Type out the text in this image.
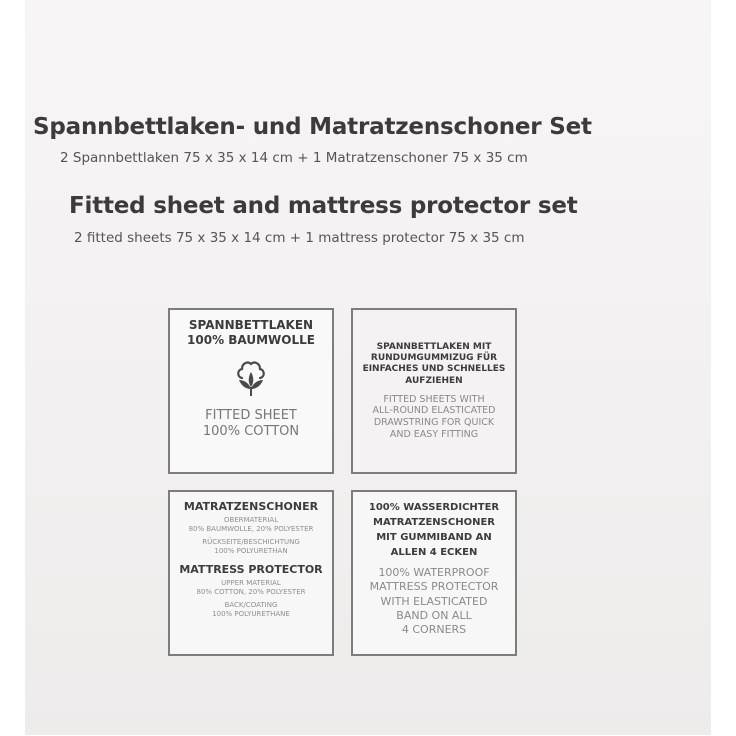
Spannbettlaken- und Matratzenschoner Set

2 Spannbettlaken 75 x 35 x 14 cm + 1 Matratzenschoner 75 x 35 cm

Fitted sheet and mattress protector set

2 fitted sheets 75 x 35 x 14 cm + 1 mattress protector 75 x 35 cm

SPANNBETTLAKEN
100% BAUMWOLLE
FITTED SHEET
100% COTTON
SPANNBETTLAKEN MIT
RUNDUMGUMMIZUG FÜR
EINFACHES UND SCHNELLES
AUFZIEHEN
FITTED SHEETS WITH
ALL-ROUND ELASTICATED
DRAWSTRING FOR QUICK
AND EASY FITTING
MATRATZENSCHONER
OBERMATERIAL
80% BAUMWOLLE, 20% POLYESTER
RÜCKSEITE/BESCHICHTUNG
100% POLYURETHAN
MATTRESS PROTECTOR
UPPER MATERIAL
80% COTTON, 20% POLYESTER
BACK/COATING
100% POLYURETHANE
100% WASSERDICHTER
MATRATZENSCHONER
MIT GUMMIBAND AN
ALLEN 4 ECKEN
100% WATERPROOF
MATTRESS PROTECTOR
WITH ELASTICATED
BAND ON ALL
4 CORNERS
